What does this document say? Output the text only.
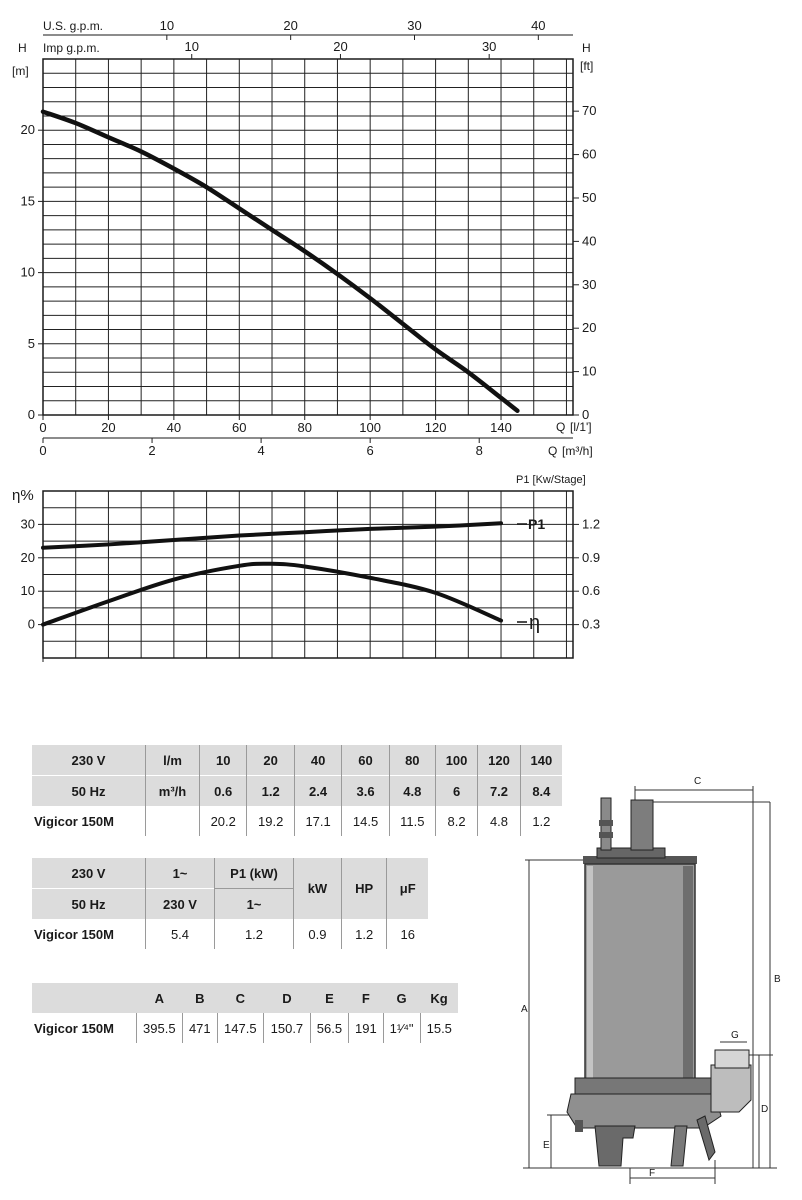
U.S. g.p.m.
Imp g.p.m.
10	20	30	40
10	20	30
H
[m]
H
[ft]
0
5
10
15
20
0
10
20
30
40
50
60
70
0	20	40	60	80	100	120	140
0	2	4	6	8
Q [l/1']
Q [m³/h]
P1 [Kw/Stage]
η%
0
10
20
30
0.3
0.6
0.9
1.2
P1
η
230 V	l/m	10	20	40	60	80	100	120	140
50 Hz	m³/h	0.6	1.2	2.4	3.6	4.8	6	7.2	8.4
Vigicor 150M		20.2	19.2	17.1	14.5	11.5	8.2	4.8	1.2
230 V	1~	P1 (kW)	kW	HP	μF
50 Hz	230 V	1~			
Vigicor 150M	5.4	1.2	0.9	1.2	16
	A	B	C	D	E	F	G	Kg
Vigicor 150M	395.5	471	147.5	150.7	56.5	191	1¹⁄⁴"	15.5
C
B
A
G
D
E
F
